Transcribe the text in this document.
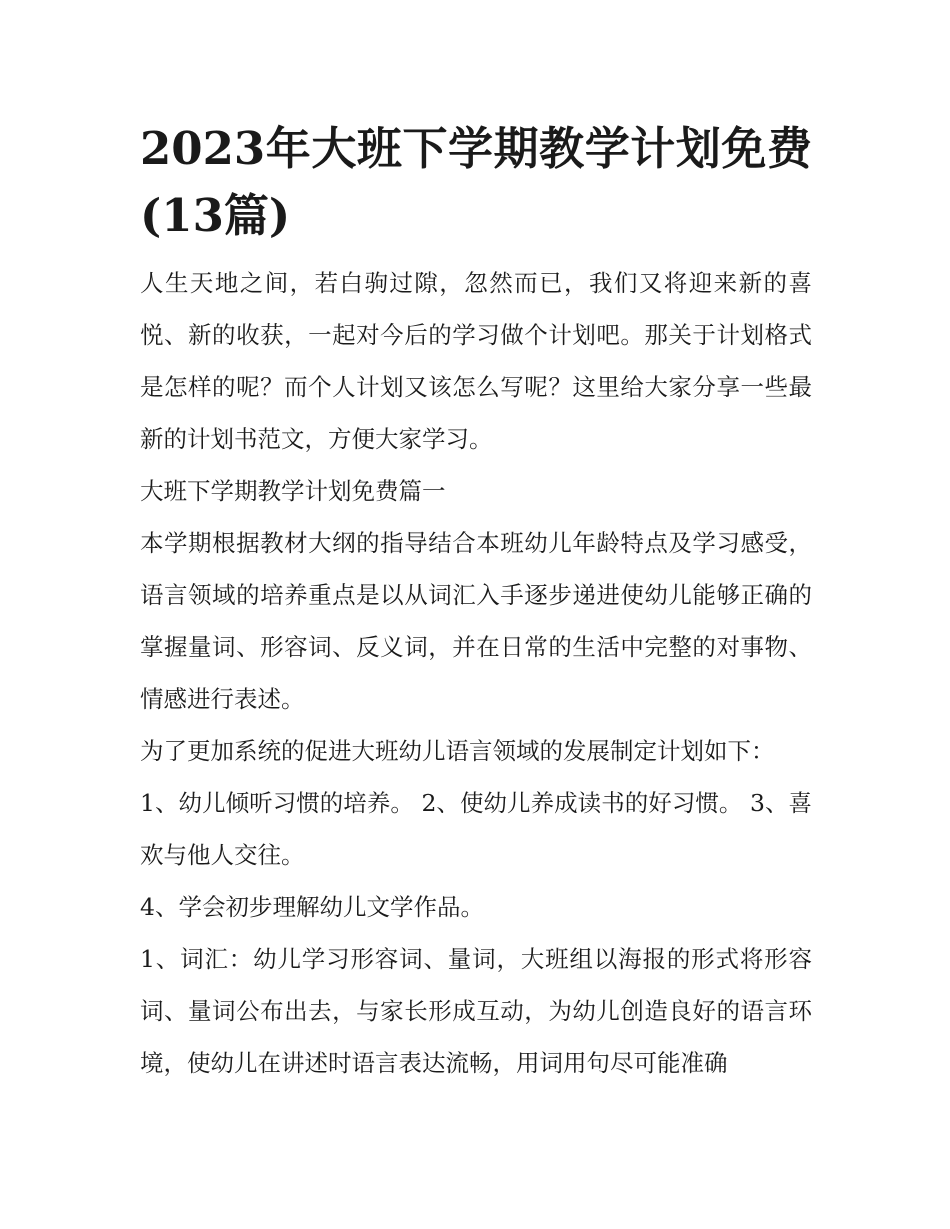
2023年大班下学期教学计划免费(13篇)

人生天地之间，若白驹过隙，忽然而已，我们又将迎来新的喜悦、新的收获，一起对今后的学习做个计划吧。那关于计划格式是怎样的呢？而个人计划又该怎么写呢？这里给大家分享一些最新的计划书范文，方便大家学习。

大班下学期教学计划免费篇一

本学期根据教材大纲的指导结合本班幼儿年龄特点及学习感受，语言领域的培养重点是以从词汇入手逐步递进使幼儿能够正确的掌握量词、形容词、反义词，并在日常的生活中完整的对事物、情感进行表述。

为了更加系统的促进大班幼儿语言领域的发展制定计划如下：

1、幼儿倾听习惯的培养。 2、使幼儿养成读书的好习惯。 3、喜欢与他人交往。

4、学会初步理解幼儿文学作品。

1、词汇：幼儿学习形容词、量词，大班组以海报的形式将形容词、量词公布出去，与家长形成互动，为幼儿创造良好的语言环境，使幼儿在讲述时语言表达流畅，用词用句尽可能准确
